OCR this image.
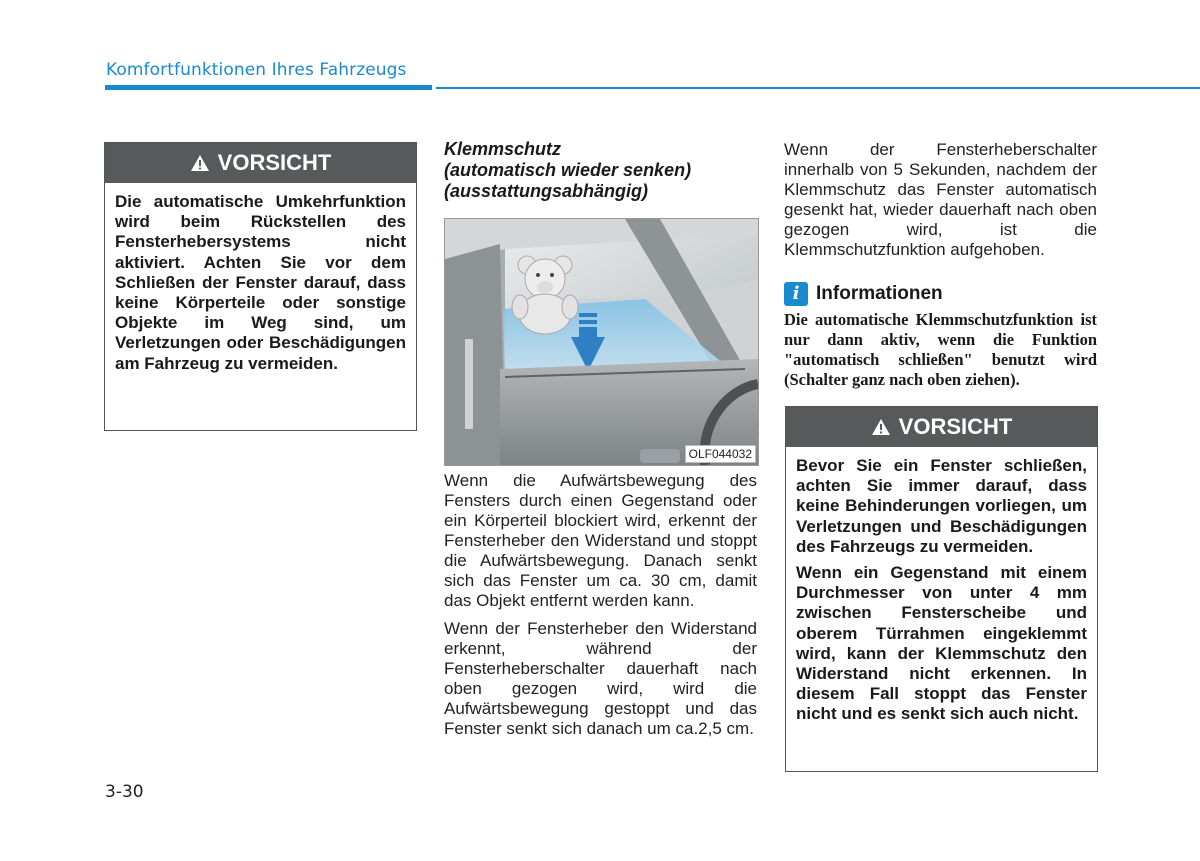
Komfortfunktionen Ihres Fahrzeugs
VORSICHT

Die automatische Umkehrfunktion wird beim Rückstellen des Fensterhebersystems nicht aktiviert. Achten Sie vor dem Schließen der Fenster darauf, dass keine Körperteile oder sonstige Objekte im Weg sind, um Verletzungen oder Beschädigungen am Fahrzeug zu vermeiden.

Klemmschutz
(automatisch wieder senken)
(ausstattungsabhängig)
OLF044032

Wenn die Aufwärtsbewegung des Fensters durch einen Gegenstand oder ein Körperteil blockiert wird, erkennt der Fensterheber den Widerstand und stoppt die Aufwärtsbewegung. Danach senkt sich das Fenster um ca. 30 cm, damit das Objekt entfernt werden kann.

Wenn der Fensterheber den Widerstand erkennt, während der Fensterheberschalter dauerhaft nach oben gezogen wird, wird die Aufwärtsbewegung gestoppt und das Fenster senkt sich danach um ca.2,5 cm.

Wenn der Fensterheberschalter innerhalb von 5 Sekunden, nachdem der Klemmschutz das Fenster automatisch gesenkt hat, wieder dauerhaft nach oben gezogen wird, ist die Klemmschutzfunktion aufgehoben.

i Informationen
Die automatische Klemmschutzfunktion ist nur dann aktiv, wenn die Funktion "automatisch schließen" benutzt wird (Schalter ganz nach oben ziehen).
VORSICHT

Bevor Sie ein Fenster schließen, achten Sie immer darauf, dass keine Behinderungen vorliegen, um Verletzungen und Beschädigungen des Fahrzeugs zu vermeiden.

Wenn ein Gegenstand mit einem Durchmesser von unter 4 mm zwischen Fensterscheibe und oberem Türrahmen eingeklemmt wird, kann der Klemmschutz den Widerstand nicht erkennen. In diesem Fall stoppt das Fenster nicht und es senkt sich auch nicht.

3-30
